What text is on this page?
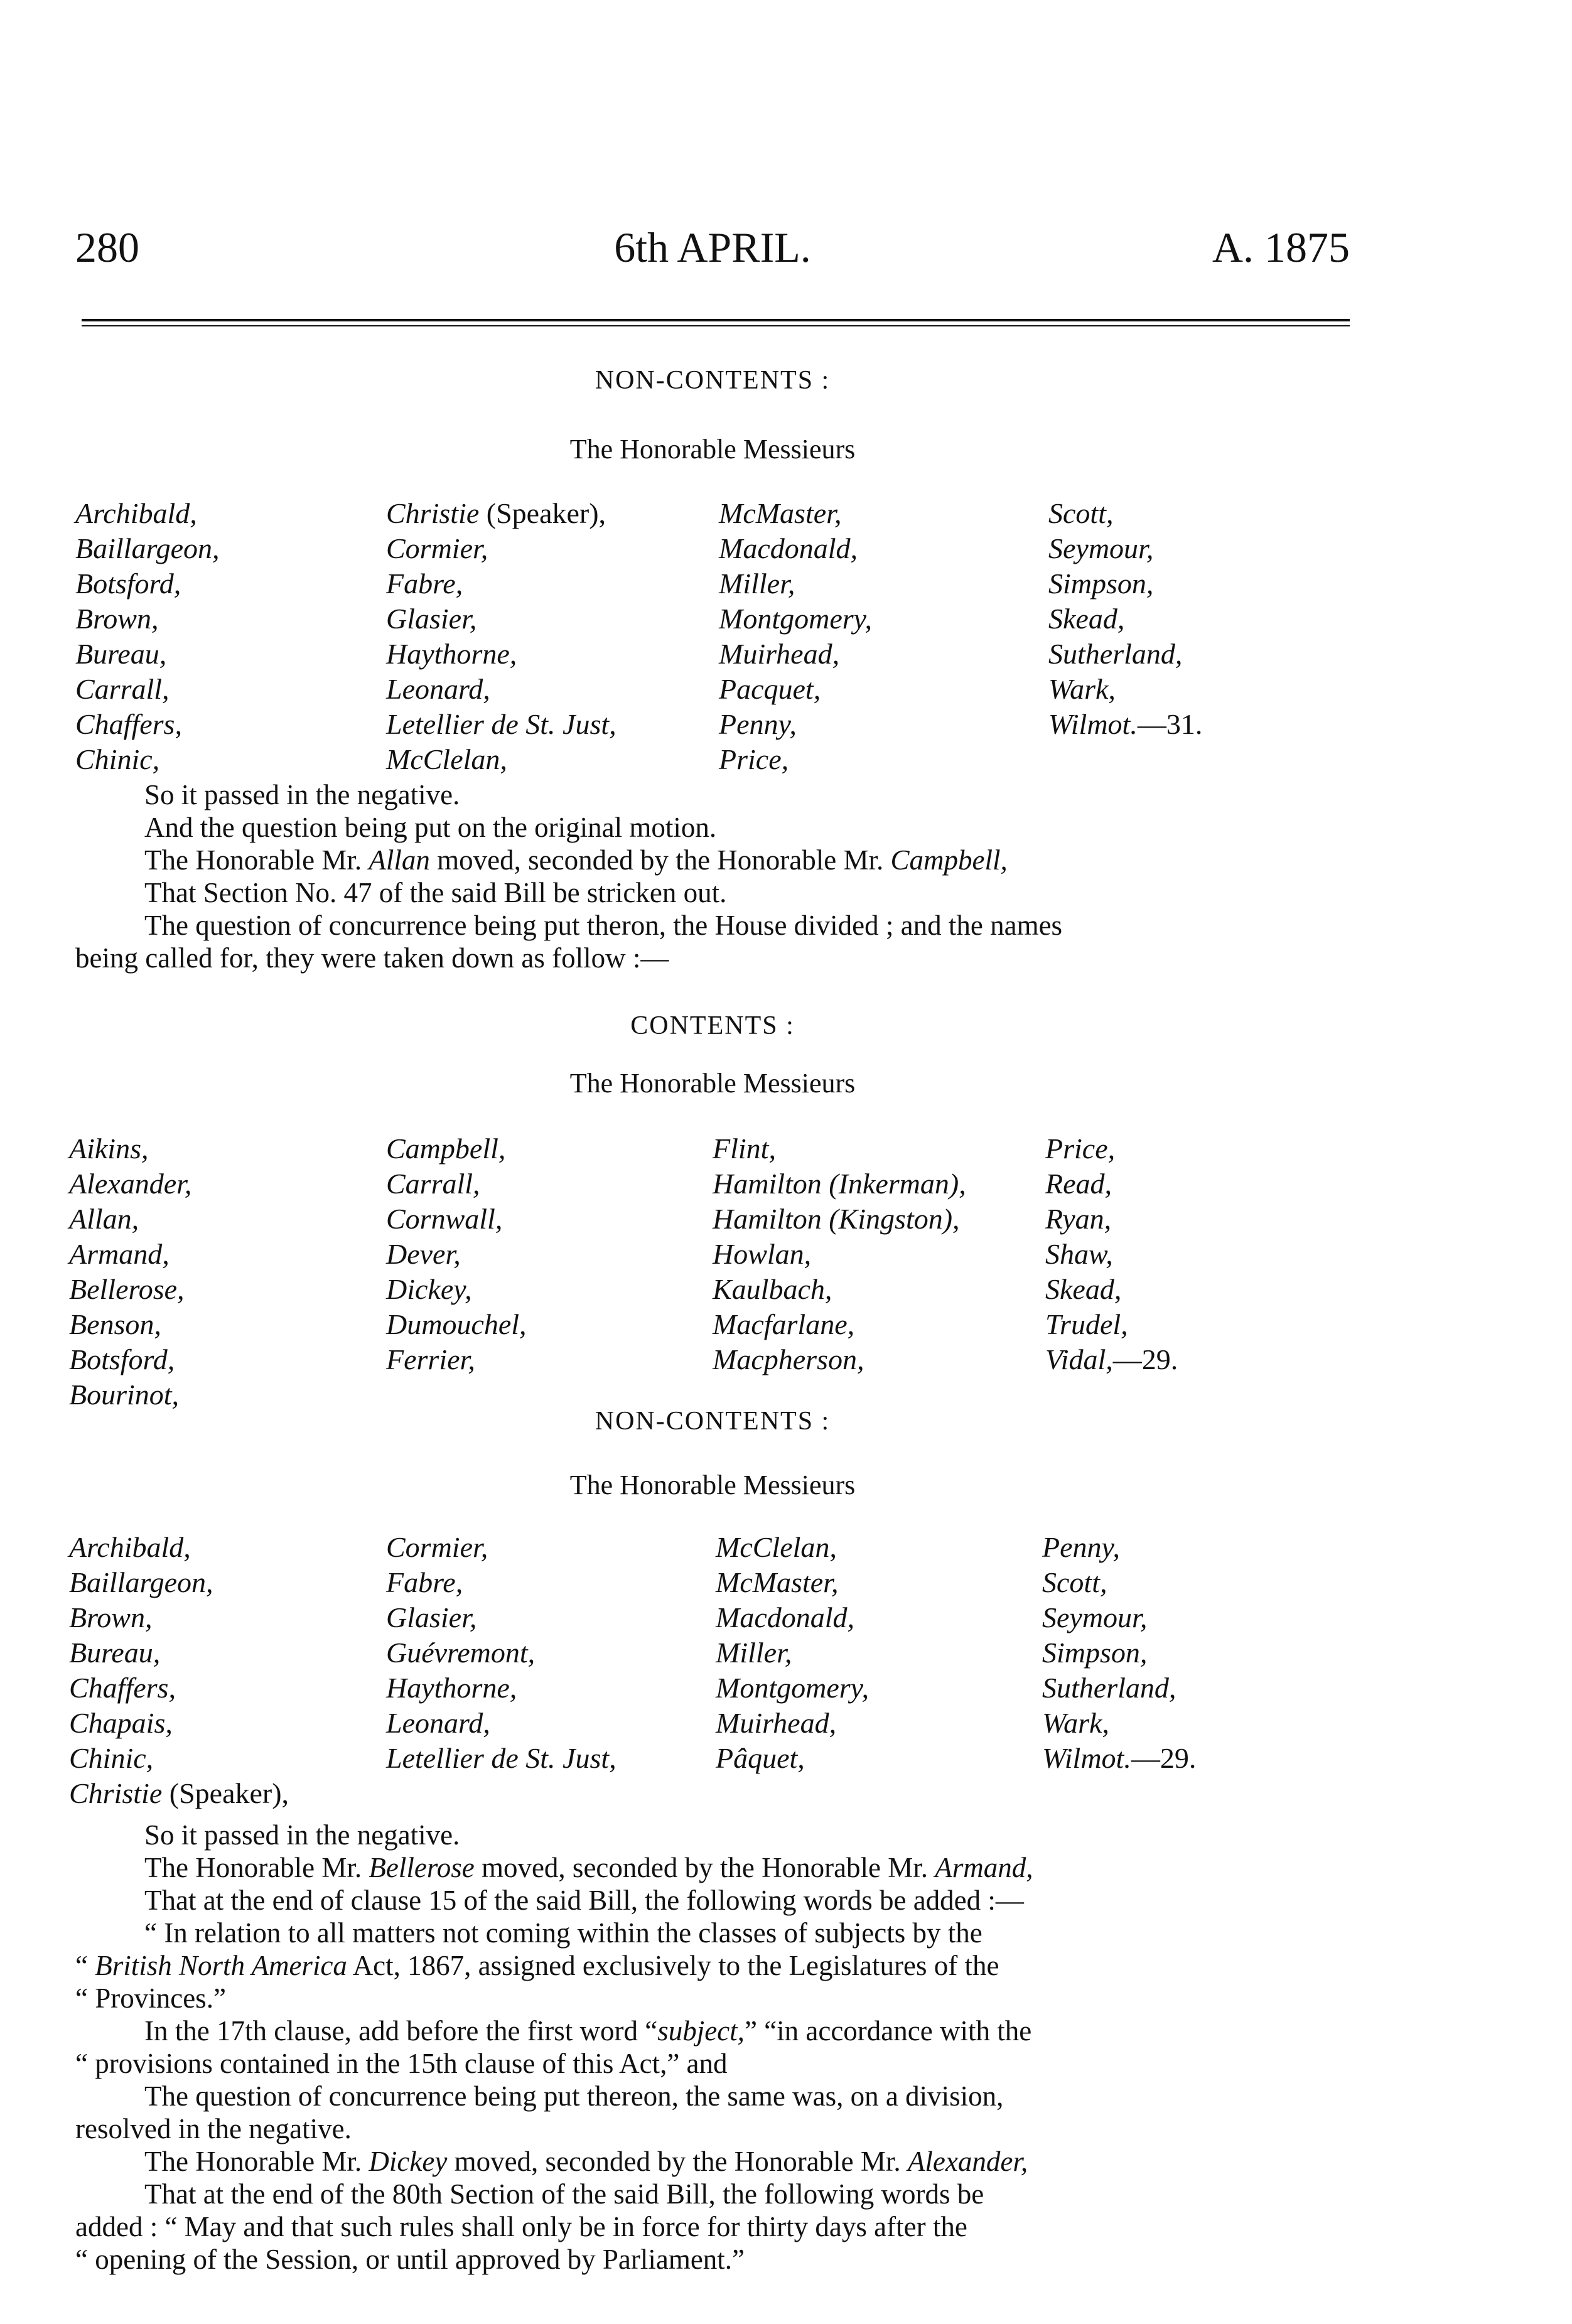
280	6th APRIL.	A. 1875
NON-CONTENTS :
The Honorable Messieurs
Archibald,
Baillargeon,
Botsford,
Brown,
Bureau,
Carrall,
Chaffers,
Chinic,
Christie (Speaker),
Cormier,
Fabre,
Glasier,
Haythorne,
Leonard,
Letellier de St. Just,
McClelan,
McMaster,
Macdonald,
Miller,
Montgomery,
Muirhead,
Pacquet,
Penny,
Price,
Scott,
Seymour,
Simpson,
Skead,
Sutherland,
Wark,
Wilmot.—31.
So it passed in the negative.
And the question being put on the original motion.
The Honorable Mr. Allan moved, seconded by the Honorable Mr. Campbell,
That Section No. 47 of the said Bill be stricken out.
The question of concurrence being put theron, the House divided ; and the names
being called for, they were taken down as follow :—
CONTENTS :
The Honorable Messieurs
Aikins,
Alexander,
Allan,
Armand,
Bellerose,
Benson,
Botsford,
Bourinot,
Campbell,
Carrall,
Cornwall,
Dever,
Dickey,
Dumouchel,
Ferrier,
Flint,
Hamilton (Inkerman),
Hamilton (Kingston),
Howlan,
Kaulbach,
Macfarlane,
Macpherson,
Price,
Read,
Ryan,
Shaw,
Skead,
Trudel,
Vidal,—29.
NON-CONTENTS :
The Honorable Messieurs
Archibald,
Baillargeon,
Brown,
Bureau,
Chaffers,
Chapais,
Chinic,
Christie (Speaker),
Cormier,
Fabre,
Glasier,
Guévremont,
Haythorne,
Leonard,
Letellier de St. Just,
McClelan,
McMaster,
Macdonald,
Miller,
Montgomery,
Muirhead,
Pâquet,
Penny,
Scott,
Seymour,
Simpson,
Sutherland,
Wark,
Wilmot.—29.
So it passed in the negative.
The Honorable Mr. Bellerose moved, seconded by the Honorable Mr. Armand,
That at the end of clause 15 of the said Bill, the following words be added :—
“ In relation to all matters not coming within the classes of subjects by the
“ British North America Act, 1867, assigned exclusively to the Legislatures of the
“ Provinces.”
In the 17th clause, add before the first word “subject,” “in accordance with the
“ provisions contained in the 15th clause of this Act,” and
The question of concurrence being put thereon, the same was, on a division,
resolved in the negative.
The Honorable Mr. Dickey moved, seconded by the Honorable Mr. Alexander,
That at the end of the 80th Section of the said Bill, the following words be
added : “ May and that such rules shall only be in force for thirty days after the
“ opening of the Session, or until approved by Parliament.”
